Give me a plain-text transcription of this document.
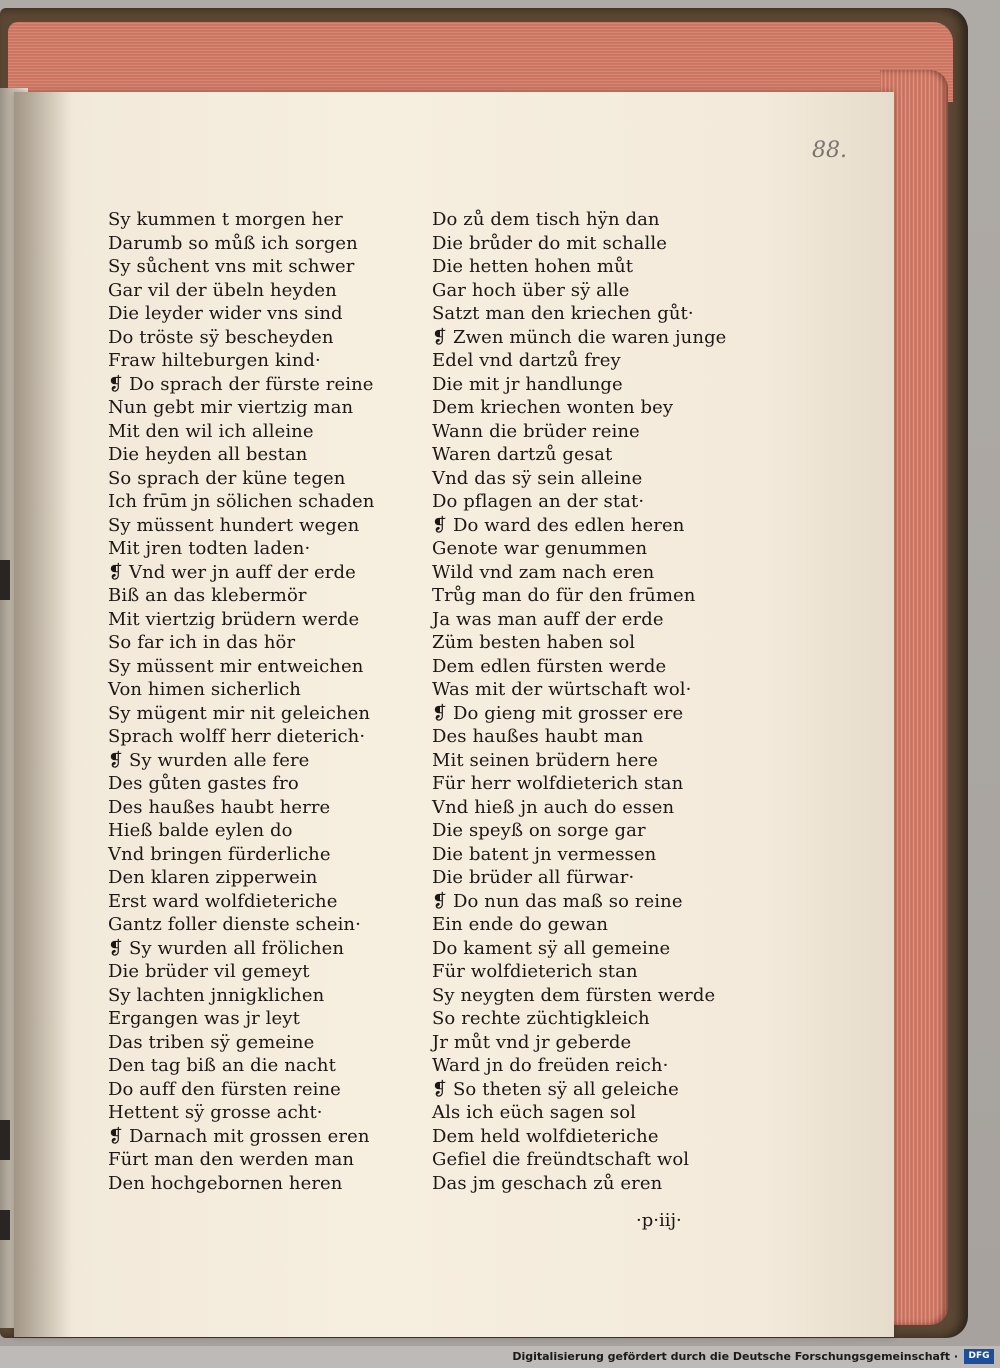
88.
Sy kummen t morgen her
Darumb so můß ich sorgen
Sy sůchent vns mit schwer
Gar vil der übeln heyden
Die leyder wider vns sind
Do tröste sÿ bescheyden
Fraw hilteburgen kind·
❡ Do sprach der fürste reine
Nun gebt mir viertzig man
Mit den wil ich alleine
Die heyden all bestan
So sprach der küne tegen
Ich frūm jn sölichen schaden
Sy müssent hundert wegen
Mit jren todten laden·
❡ Vnd wer jn auff der erde
Biß an das klebermör
Mit viertzig brüdern werde
So far ich in das hör
Sy müssent mir entweichen
Von himen sicherlich
Sy mügent mir nit geleichen
Sprach wolff herr dieterich·
❡ Sy wurden alle fere
Des gůten gastes fro
Des haußes haubt herre
Hieß balde eylen do
Vnd bringen fürderliche
Den klaren zipperwein
Erst ward wolfdieteriche
Gantz foller dienste schein·
❡ Sy wurden all frölichen
Die brüder vil gemeyt
Sy lachten jnnigklichen
Ergangen was jr leyt
Das triben sÿ gemeine
Den tag biß an die nacht
Do auff den fürsten reine
Hettent sÿ grosse acht·
❡ Darnach mit grossen eren
Fürt man den werden man
Den hochgebornen heren
Do zů dem tisch hÿn dan
Die brůder do mit schalle
Die hetten hohen můt
Gar hoch über sÿ alle
Satzt man den kriechen gůt·
❡ Zwen münch die waren junge
Edel vnd dartzů frey
Die mit jr handlunge
Dem kriechen wonten bey
Wann die brüder reine
Waren dartzů gesat
Vnd das sÿ sein alleine
Do pflagen an der stat·
❡ Do ward des edlen heren
Genote war genummen
Wild vnd zam nach eren
Trůg man do für den frūmen
Ja was man auff der erde
Züm besten haben sol
Dem edlen fürsten werde
Was mit der würtschaft wol·
❡ Do gieng mit grosser ere
Des haußes haubt man
Mit seinen brüdern here
Für herr wolfdieterich stan
Vnd hieß jn auch do essen
Die speyß on sorge gar
Die batent jn vermessen
Die brüder all fürwar·
❡ Do nun das maß so reine
Ein ende do gewan
Do kament sÿ all gemeine
Für wolfdieterich stan
Sy neygten dem fürsten werde
So rechte züchtigkleich
Jr můt vnd jr geberde
Ward jn do freüden reich·
❡ So theten sÿ all geleiche
Als ich eüch sagen sol
Dem held wolfdieteriche
Gefiel die freündtschaft wol
Das jm geschach zů eren
·p·iij·
Digitalisierung gefördert durch die Deutsche Forschungsgemeinschaft ·	DFG
